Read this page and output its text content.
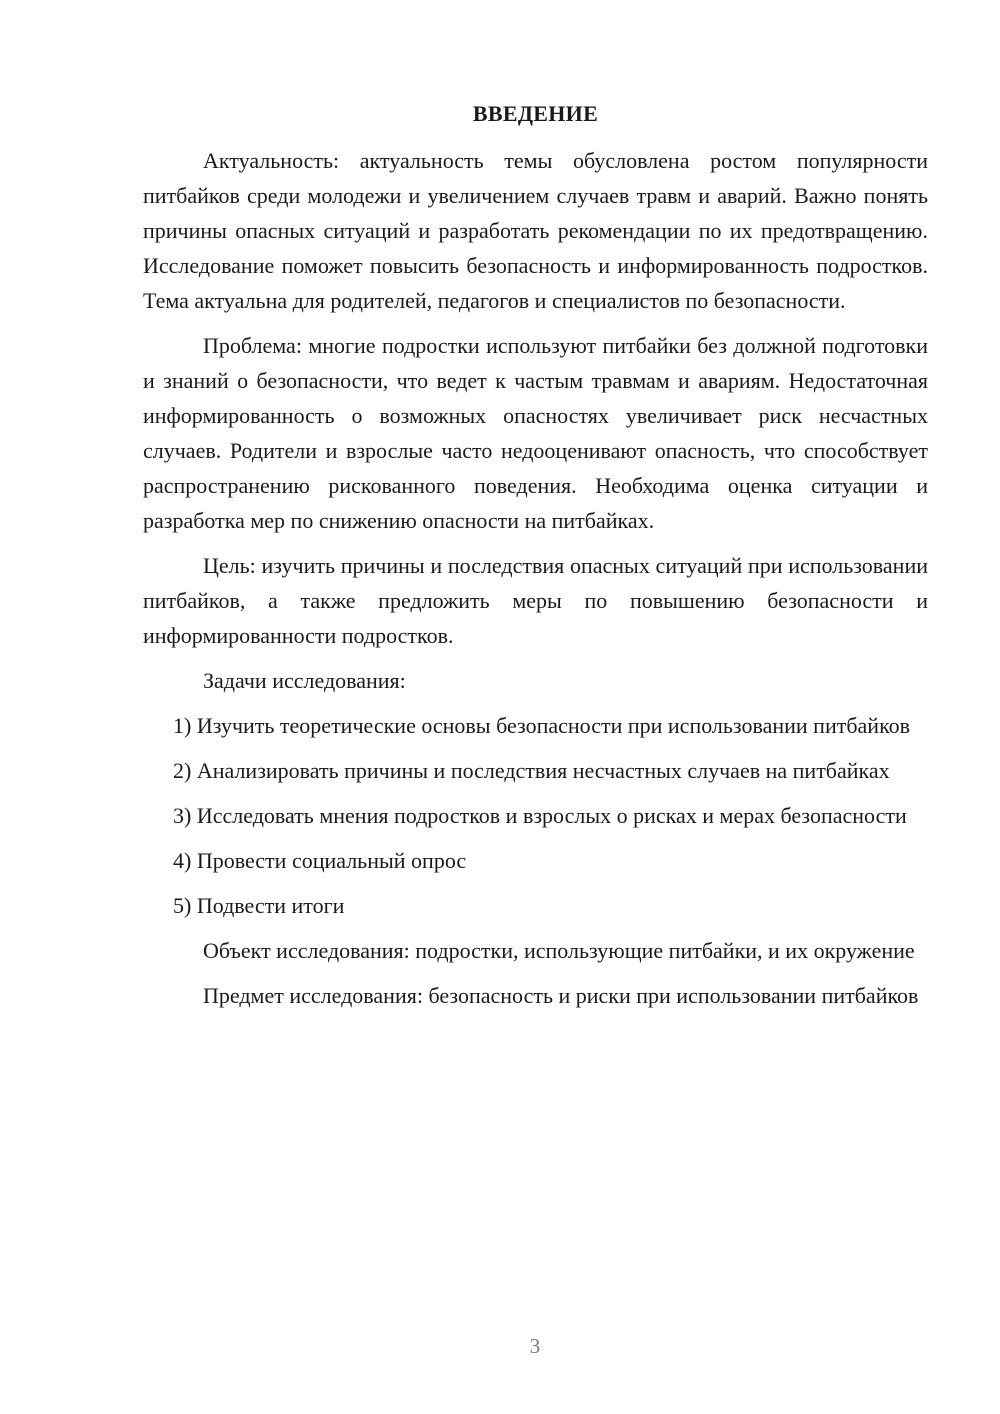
ВВЕДЕНИЕ

Актуальность: актуальность темы обусловлена ростом популярности питбайков среди молодежи и увеличением случаев травм и аварий. Важно понять причины опасных ситуаций и разработать рекомендации по их предотвращению. Исследование поможет повысить безопасность и информированность подростков. Тема актуальна для родителей, педагогов и специалистов по безопасности.

Проблема: многие подростки используют питбайки без должной подготовки и знаний о безопасности, что ведет к частым травмам и авариям. Недостаточная информированность о возможных опасностях увеличивает риск несчастных случаев. Родители и взрослые часто недооценивают опасность, что способствует распространению рискованного поведения. Необходима оценка ситуации и разработка мер по снижению опасности на питбайках.

Цель: изучить причины и последствия опасных ситуаций при использовании питбайков, а также предложить меры по повышению безопасности и информированности подростков.

Задачи исследования:

1) Изучить теоретические основы безопасности при использовании питбайков

2) Анализировать причины и последствия несчастных случаев на питбайках

3) Исследовать мнения подростков и взрослых о рисках и мерах безопасности

4) Провести социальный опрос

5) Подвести итоги

Объект исследования: подростки, использующие питбайки, и их окружение

Предмет исследования: безопасность и риски при использовании питбайков

3
